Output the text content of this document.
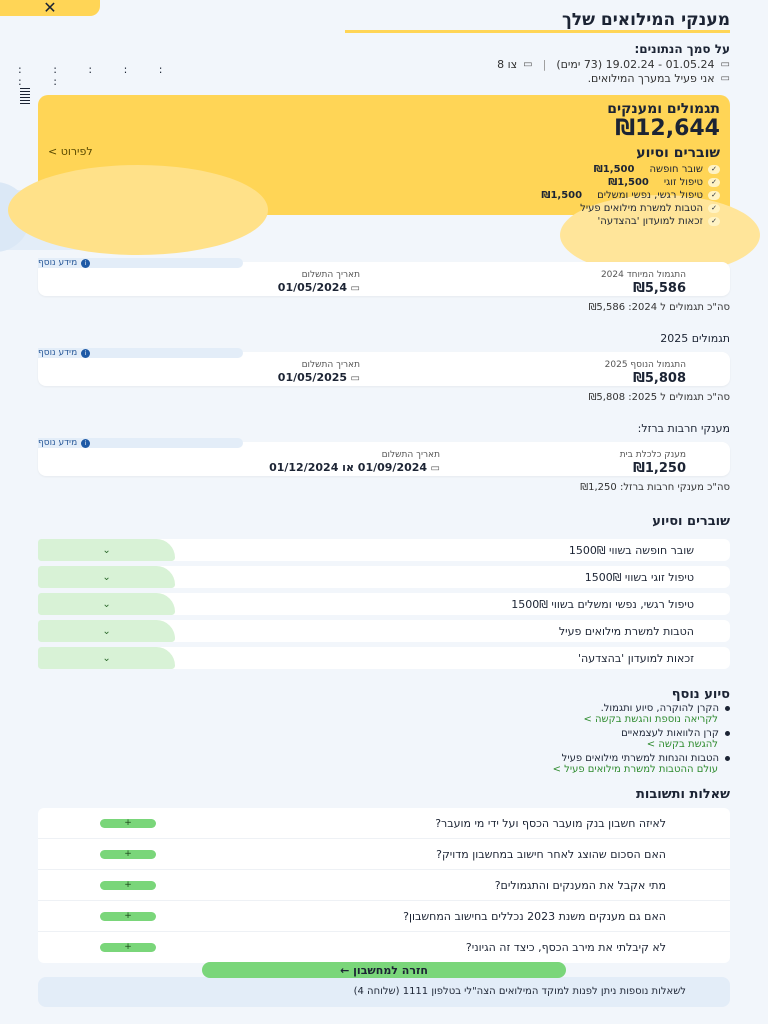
✕
: : : : : : :
מענקי המילואים שלך
על סמך הנתונים:
▭
01.05.24 - 19.02.24 (73 ימים)
|
▭
צו 8
▭
אני פעיל במערך המילואים.
תגמולים ומענקים
₪12,644
שוברים וסיוע
לפירוט >
✓
שובר חופשה
₪1,500
✓
טיפול זוגי
₪1,500
✓
טיפול רגשי, נפשי ומשלים
₪1,500
✓
הטבות למשרת מילואים פעיל
✓
זכאות למועדון 'בהצדעה'
i
מידע נוסף
התגמול המיוחד 2024
₪5,586
תאריך התשלום
▭ 01/05/2024
סה"כ תגמולים ל 2024: ₪5,586
תגמולים 2025
i
מידע נוסף
התגמול הנוסף 2025
₪5,808
תאריך התשלום
▭ 01/05/2025
סה"כ תגמולים ל 2025: ₪5,808
מענקי חרבות ברזל:
i
מידע נוסף
מענק כלכלת בית
₪1,250
תאריך התשלום
▭ 01/09/2024 או 01/12/2024
סה"כ מענקי חרבות ברזל: ₪1,250
שוברים וסיוע
שובר חופשה בשווי 1500₪
⌄
טיפול זוגי בשווי 1500₪
⌄
טיפול רגשי, נפשי ומשלים בשווי 1500₪
⌄
הטבות למשרת מילואים פעיל
⌄
זכאות למועדון 'בהצדעה'
⌄
סיוע נוסף
הקרן להוקרה, סיוע ותגמול.
לקריאה נוספת והגשת בקשה >
קרן הלוואות לעצמאיים
להגשת בקשה >
הטבות והנחות למשרתי מילואים פעיל
עולם ההטבות למשרת מילואים פעיל >
שאלות ותשובות
לאיזה חשבון בנק מועבר הכסף ועל ידי מי מועבר?
+
האם הסכום שהוצג לאחר חישוב במחשבון מדויק?
+
מתי אקבל את המענקים והתגמולים?
+
האם גם מענקים משנת 2023 נכללים בחישוב המחשבון?
+
לא קיבלתי את מירב הכסף, כיצד זה הגיוני?
+
לשאלות נוספות ניתן לפנות למוקד המילואים הצה"לי בטלפון 1111 (שלוחה 4)
חזרה למחשבון ←
